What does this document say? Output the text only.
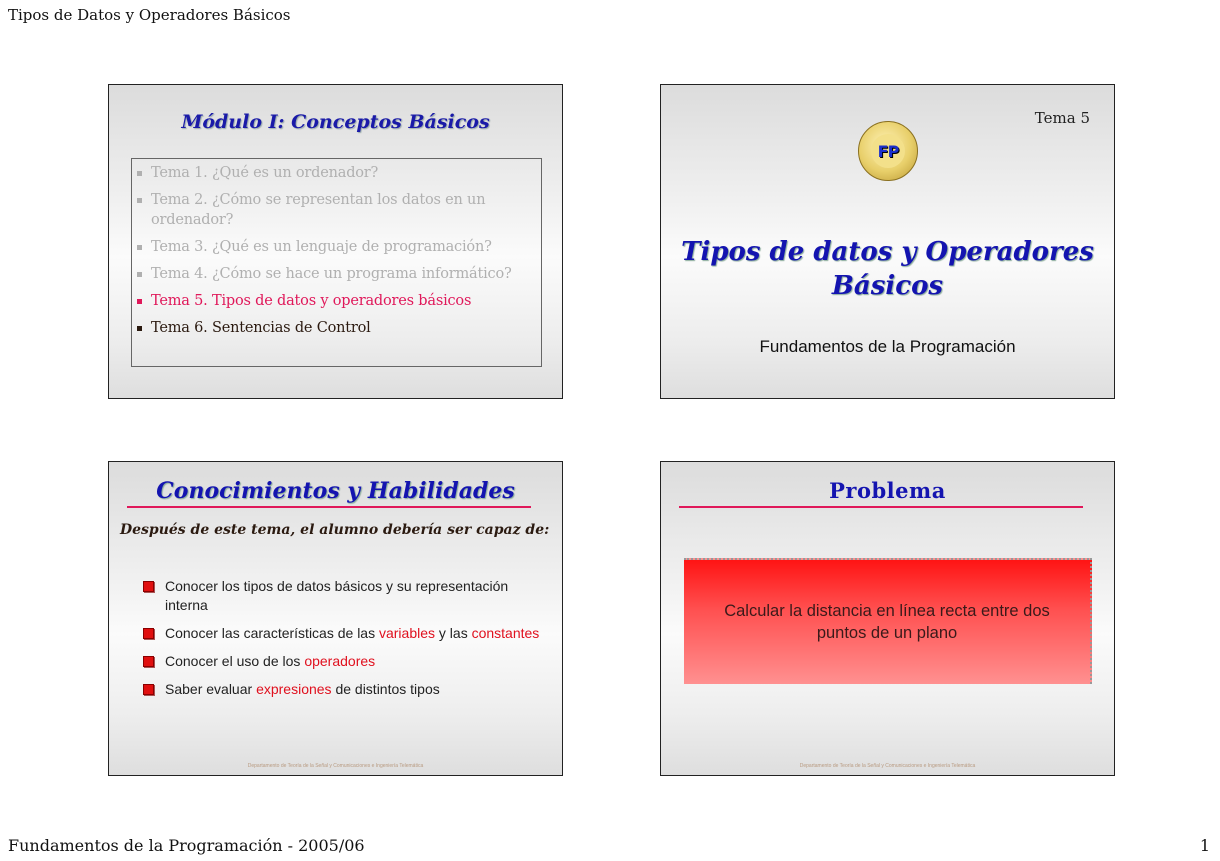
Tipos de Datos y Operadores Básicos
Módulo I: Conceptos Básicos
Tema 1. ¿Qué es un ordenador?
Tema 2. ¿Cómo se representan los datos en un ordenador?
Tema 3. ¿Qué es un lenguaje de programación?
Tema 4. ¿Cómo se hace un programa informático?
Tema 5. Tipos de datos y operadores básicos
Tema 6. Sentencias de Control
Tema 5
FP
Tipos de datos y Operadores Básicos
Fundamentos de la Programación
Conocimientos y Habilidades
Después de este tema, el alumno debería ser capaz de:
Conocer los tipos de datos básicos y su representación interna
Conocer las características de las variables y las constantes
Conocer el uso de los operadores
Saber evaluar expresiones de distintos tipos
Departamento de Teoría de la Señal y Comunicaciones e Ingeniería Telemática
Problema
Calcular la distancia en línea recta entre dos puntos de un plano
Departamento de Teoría de la Señal y Comunicaciones e Ingeniería Telemática
Fundamentos de la Programación - 2005/06	1
